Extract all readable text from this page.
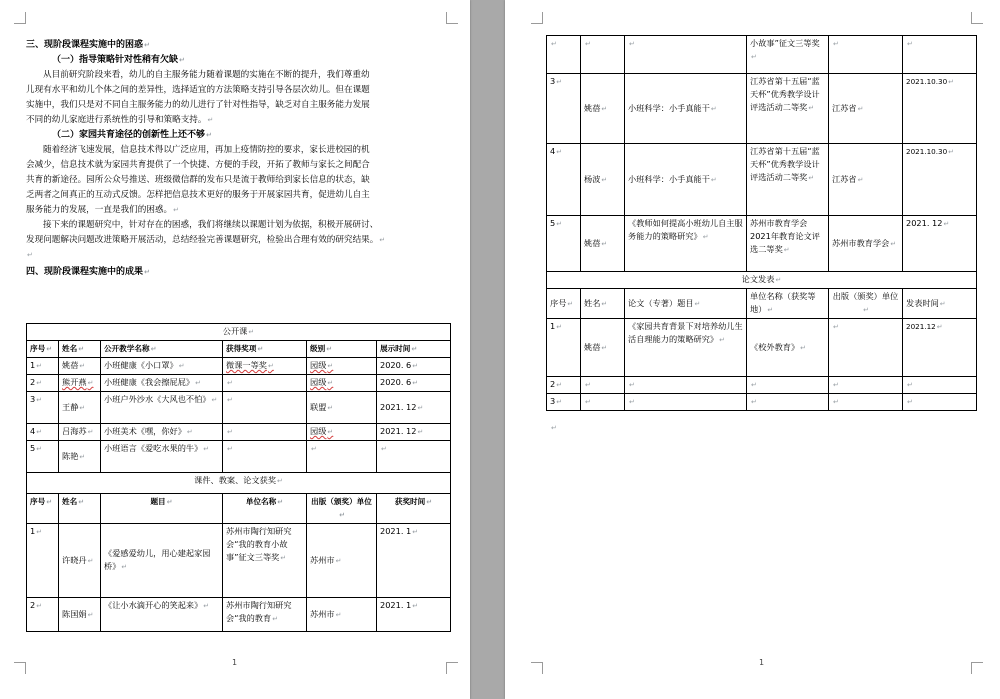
三、现阶段课程实施中的困惑↵
（一）指导策略针对性稍有欠缺↵
从目前研究阶段来看，幼儿的自主服务能力随着课题的实施在不断的提升，我们尊重幼
儿现有水平和幼儿个体之间的差异性，选择适宜的方法策略支持引导各层次幼儿。但在课题
实施中，我们只是对不同自主服务能力的幼儿进行了针对性指导，缺乏对自主服务能力发展
不同的幼儿家庭进行系统性的引导和策略支持。↵
（二）家园共育途径的创新性上还不够↵
随着经济飞速发展，信息技术得以广泛应用，再加上疫情防控的要求，家长进校园的机
会减少，信息技术就为家园共育提供了一个快捷、方便的手段，开拓了教师与家长之间配合
共育的新途径。园所公众号推送、班级微信群的发布只是流于教师给到家长信息的状态，缺
乏两者之间真正的互动式反馈。怎样把信息技术更好的服务于开展家园共育，促进幼儿自主
服务能力的发展，一直是我们的困惑。↵
接下来的课题研究中，针对存在的困惑，我们将继续以课题计划为依据，积极开展研讨、
发现问题解决问题改进策略开展活动，总结经验完善课题研究，检验出合理有效的研究结果。↵
↵
四、现阶段课程实施中的成果↵
公开课↵					
序号↵	姓名↵	公开教学名称↵	获得奖项↵	级别↵	展示时间↵
1↵	姚蓓↵	小班健康《小口罩》↵	微课一等奖↵	园级↵	2020. 6↵
2↵	熊开燕↵	小班健康《我会擦屁屁》↵	↵	园级↵	2020. 6↵
3↵	王静↵	小班户外沙水《大风也不怕》↵	↵	联盟↵	2021. 12↵
4↵	吕海苏↵	小班美术《嘿，你好》↵	↵	园级↵	2021. 12↵
5↵	陈艳↵	小班语言《爱吃水果的牛》↵	↵	↵	↵
课件、教案、论文获奖↵					
序号↵	姓名↵	题目↵	单位名称↵	出版（颁奖）单位↵	获奖时间↵
1↵	许晓丹↵	《爱感爱幼儿，用心建起家园桥》↵	苏州市陶行知研究会“我的教育小故事”征文三等奖↵	苏州市↵	2021. 1↵
2↵	陈国娟↵	《让小水滴开心的笑起来》↵	苏州市陶行知研究会“我的教育↵	苏州市↵	2021. 1↵
1
↵	↵	↵	小故事”征文三等奖↵	↵	↵
3↵	姚蓓↵	小班科学：小手真能干↵	江苏省第十五届“蓝天杯”优秀教学设计评选活动二等奖↵	江苏省↵	2021.10.30↵
4↵	杨波↵	小班科学：小手真能干↵	江苏省第十五届“蓝天杯”优秀教学设计评选活动二等奖↵	江苏省↵	2021.10.30↵
5↵	姚蓓↵	《教师如何提高小班幼儿自主服务能力的策略研究》↵	苏州市教育学会2021年教育论文评选二等奖↵	苏州市教育学会↵	2021. 12↵
论文发表↵					
序号↵	姓名↵	论文（专著）题目↵	单位名称（获奖等地）↵	出版（颁奖）单位↵	发表时间↵
1↵	姚蓓↵	《家园共育背景下对培养幼儿生活自理能力的策略研究》↵	《校外教育》↵	↵	2021.12↵
2↵	↵	↵	↵	↵	↵
3↵	↵	↵	↵	↵	↵
↵
1
